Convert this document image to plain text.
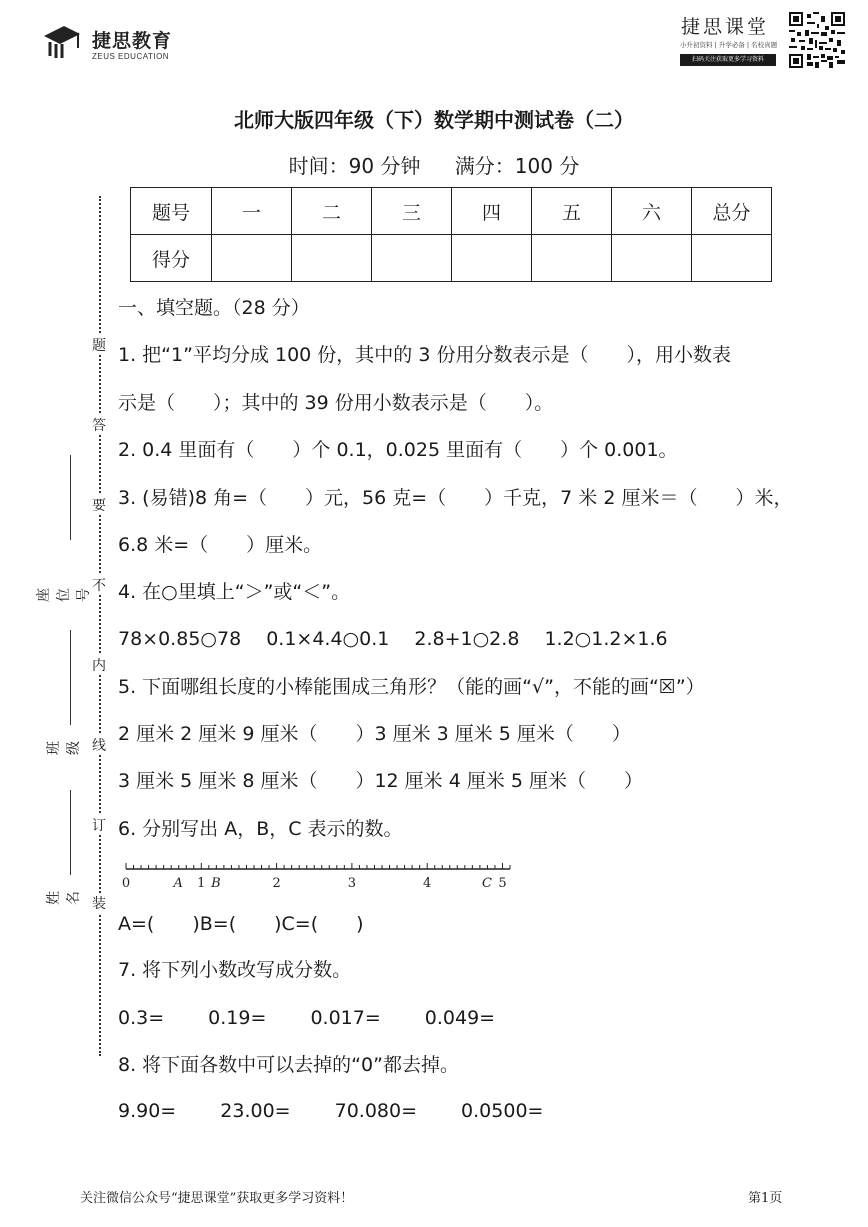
捷思教育
ZEUS EDUCATION
捷思课堂
小升初资料 | 升学必备 | 名校真题
扫码关注获取更多学习资料
北师大版四年级（下）数学期中测试卷（二）
时间：90 分钟 满分：100 分
题号	一	二	三	四	五	六	总分
得分							
题
答
要
不
内
线
订
装
座位号
班级
姓名
一、填空题。（28 分）
1. 把“1”平均分成 100 份，其中的 3 份用分数表示是（　　），用小数表
示是（　　）；其中的 39 份用小数表示是（　　）。
2. 0.4 里面有（　　）个 0.1，0.025 里面有（　　）个 0.001。
3. (易错)8 角=（　　）元，56 克=（　　）千克，7 米 2 厘米＝（　　）米，
6.8 米=（　　）厘米。
4. 在○里填上“＞”或“＜”。
78×0.85○78　 0.1×4.4○0.1　 2.8+1○2.8　 1.2○1.2×1.6
5. 下面哪组长度的小棒能围成三角形？（能的画“√”，不能的画“☒”）
2 厘米 2 厘米 9 厘米（　　）3 厘米 3 厘米 5 厘米（　　）
3 厘米 5 厘米 8 厘米（　　）12 厘米 4 厘米 5 厘米（　　）
6. 分别写出 A，B，C 表示的数。
0	1	2	3	4	5
A B	C
A=(　　)B=(　　)C=(　　)
7. 将下列小数改写成分数。
0.3=　　 0.19=　　 0.017=　　 0.049=
8. 将下面各数中可以去掉的“0”都去掉。
9.90=　　 23.00=　　 70.080=　　 0.0500=
关注微信公众号“捷思课堂”获取更多学习资料！	第1页
